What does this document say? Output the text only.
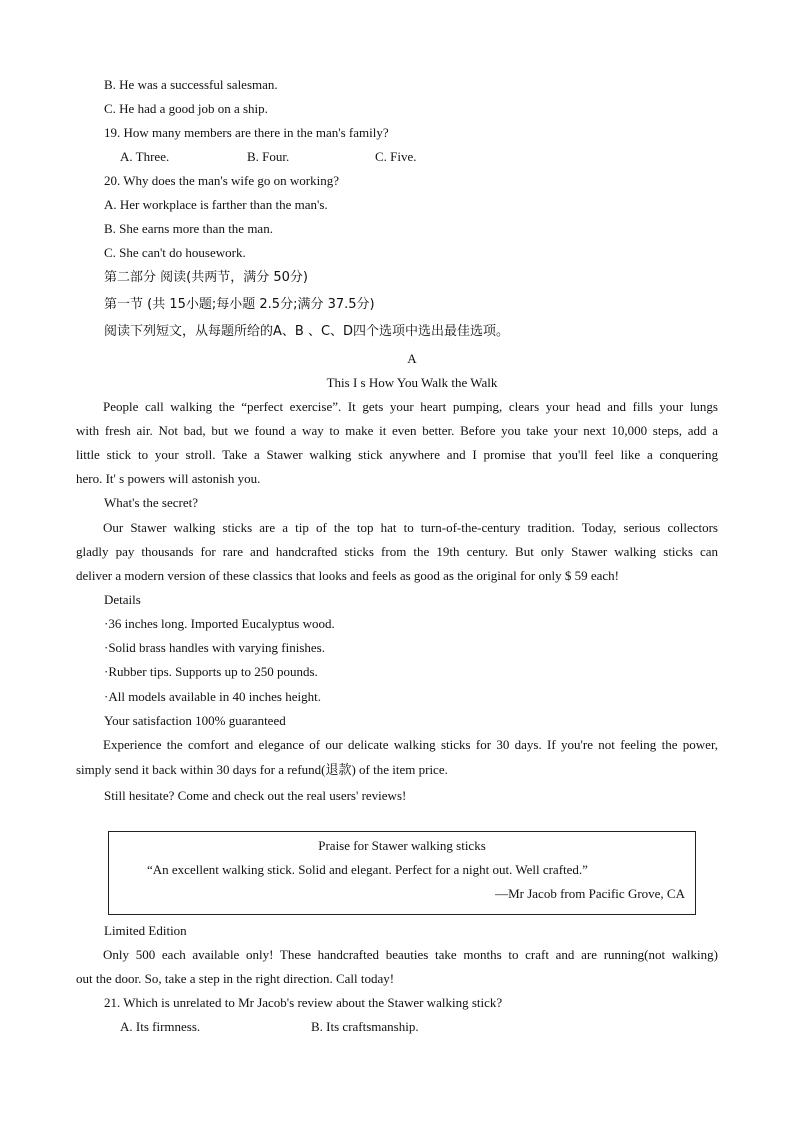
B. He was a successful salesman.
C. He had a good job on a ship.
19. How many members are there in the man's family?
A. Three.	B. Four.	C. Five.
20. Why does the man's wife go on working?
A. Her workplace is farther than the man's.
B. She earns more than the man.
C. She can't do housework.
第二部分 阅读(共两节，满分 50分)
第一节 (共 15小题;每小题 2.5分;满分 37.5分)
阅读下列短文，从每题所给的A、B 、C、D四个选项中选出最佳选项。
A
This I s How You Walk the Walk
People call walking the “perfect exercise”. It gets your heart pumping, clears your head and fills your lungs
with fresh air. Not bad, but we found a way to make it even better. Before you take your next 10,000 steps, add a
little stick to your stroll. Take a Stawer walking stick anywhere and I promise that you'll feel like a conquering
hero. It' s powers will astonish you.
What's the secret?
Our Stawer walking sticks are a tip of the top hat to turn-of-the-century tradition. Today, serious collectors
gladly pay thousands for rare and handcrafted sticks from the 19th century. But only Stawer walking sticks can
deliver a modern version of these classics that looks and feels as good as the original for only $ 59 each!
Details
·36 inches long. Imported Eucalyptus wood.
·Solid brass handles with varying finishes.
·Rubber tips. Supports up to 250 pounds.
·All models available in 40 inches height.
Your satisfaction 100% guaranteed
Experience the comfort and elegance of our delicate walking sticks for 30 days. If you're not feeling the power,
simply send it back within 30 days for a refund(退款) of the item price.
Still hesitate? Come and check out the real users' reviews!
Praise for Stawer walking sticks
“An excellent walking stick. Solid and elegant. Perfect for a night out. Well crafted.”
—Mr Jacob from Pacific Grove, CA
Limited Edition
Only 500 each available only! These handcrafted beauties take months to craft and are running(not walking)
out the door. So, take a step in the right direction. Call today!
21. Which is unrelated to Mr Jacob's review about the Stawer walking stick?
A. Its firmness.	B. Its craftsmanship.
